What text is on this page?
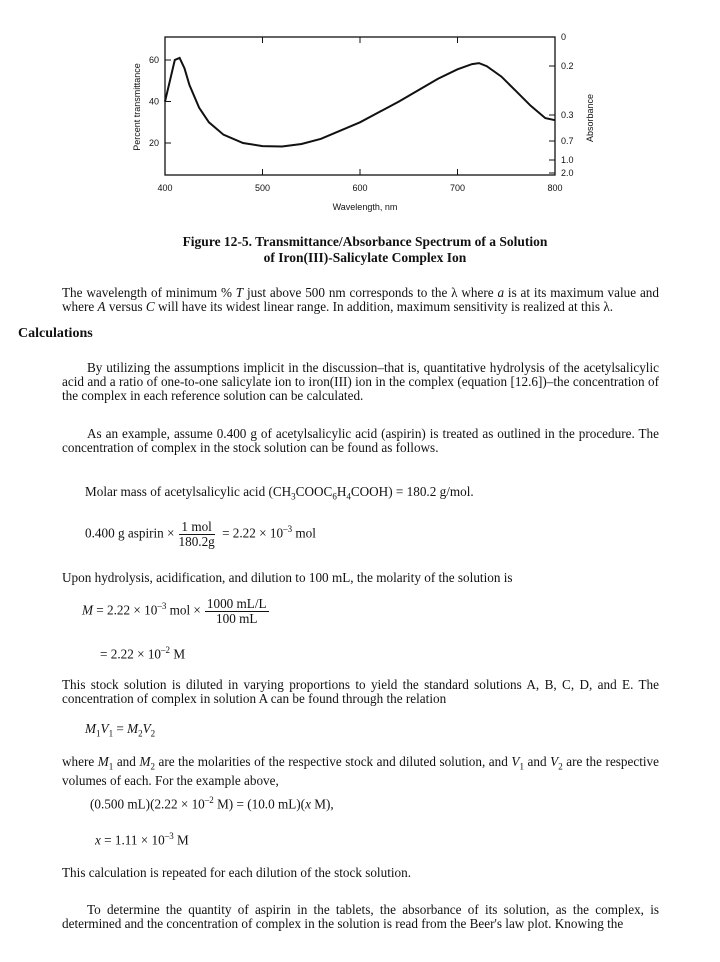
400	500	600	700	800
60
40
20
0
0.2
0.3
0.7
1.0
2.0
Wavelength, nm
Percent transmittance	Absorbance
Figure 12-5. Transmittance/Absorbance Spectrum of a Solution
of Iron(III)-Salicylate Complex Ion
The wavelength of minimum % T just above 500 nm corresponds to the λ where a is at its maximum value and where A versus C will have its widest linear range. In addition, maximum sensitivity is realized at this λ.
Calculations
By utilizing the assumptions implicit in the discussion–that is, quantitative hydrolysis of the acetylsalicylic acid and a ratio of one-to-one salicylate ion to iron(III) ion in the complex (equation [12.6])–the concentration of the complex in each reference solution can be calculated.
As an example, assume 0.400 g of acetylsalicylic acid (aspirin) is treated as outlined in the procedure. The concentration of complex in the stock solution can be found as follows.
Molar mass of acetylsalicylic acid $(CH_3COOC_6H_4COOH) = 180.2$ g/mol.
0.400 g aspirin × $\frac{\text{1 mol}}{180.2g} = 2.22 \times 10^{-3}$ mol
Upon hydrolysis, acidification, and dilution to 100 mL, the molarity of the solution is
$M = 2.22 \times 10^{-3}$ mol × $\frac{1000 mL/L}{100 mL}$
= $2.22 \times 10^{-2}$ M
This stock solution is diluted in varying proportions to yield the standard solutions A, B, C, D, and E. The concentration of complex in solution A can be found through the relation
$M_1V_1 = M_2V_2$
where $M_1$ and $M_2$ are the molarities of the respective stock and diluted solution, and $V_1$ and $V_2$ are the respective volumes of each. For the example above,
(0.500 $mL)(2.22 \times 10^{-2}$ M) = (10.0 mL)(x M),
$x = 1.11 \times 10^{-3}$ M
This calculation is repeated for each dilution of the stock solution.
To determine the quantity of aspirin in the tablets, the absorbance of its solution, as the complex, is determined and the concentration of complex in the solution is read from the Beer's law plot. Knowing the
